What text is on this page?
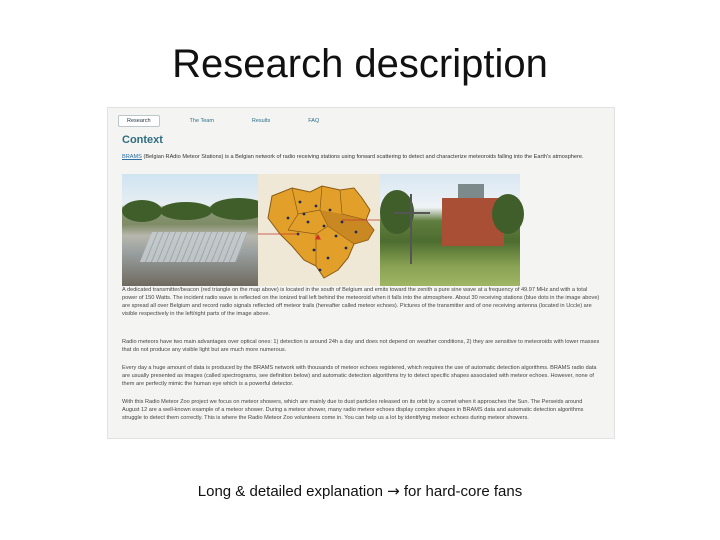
Research description
Research	The Team	Results	FAQ
Context
BRAMS (Belgian RAdio Meteor Stations) is a Belgian network of radio receiving stations using forward scattering to detect and characterize meteoroids falling into the Earth's atmosphere.
A dedicated transmitter/beacon (red triangle on the map above) is located in the south of Belgium and emits toward the zenith a pure sine wave at a frequency of 49.97 MHz and with a total power of 150 Watts. The incident radio wave is reflected on the ionized trail left behind the meteoroid when it falls into the atmosphere. About 30 receiving stations (blue dots in the image above) are spread all over Belgium and record radio signals reflected off meteor trails (hereafter called meteor echoes). Pictures of the transmitter and of one receiving antenna (located in Uccle) are visible respectively in the left/right parts of the image above.
Radio meteors have two main advantages over optical ones: 1) detection is around 24h a day and does not depend on weather conditions, 2) they are sensitive to meteoroids with lower masses that do not produce any visible light but are much more numerous.
Every day a huge amount of data is produced by the BRAMS network with thousands of meteor echoes registered, which requires the use of automatic detection algorithms. BRAMS radio data are usually presented as images (called spectrograms, see definition below) and automatic detection algorithms try to detect specific shapes associated with meteor echoes. However, none of them are perfectly mimic the human eye which is a powerful detector.
With this Radio Meteor Zoo project we focus on meteor showers, which are mainly due to dust particles released on its orbit by a comet when it approaches the Sun. The Perseids around August 12 are a well-known example of a meteor shower. During a meteor shower, many radio meteor echoes display complex shapes in BRAMS data and automatic detection algorithms struggle to detect them correctly. This is where the Radio Meteor Zoo volunteers come in. You can help us a lot by identifying meteor echoes during meteor showers.
Long & detailed explanation → for hard-core fans
